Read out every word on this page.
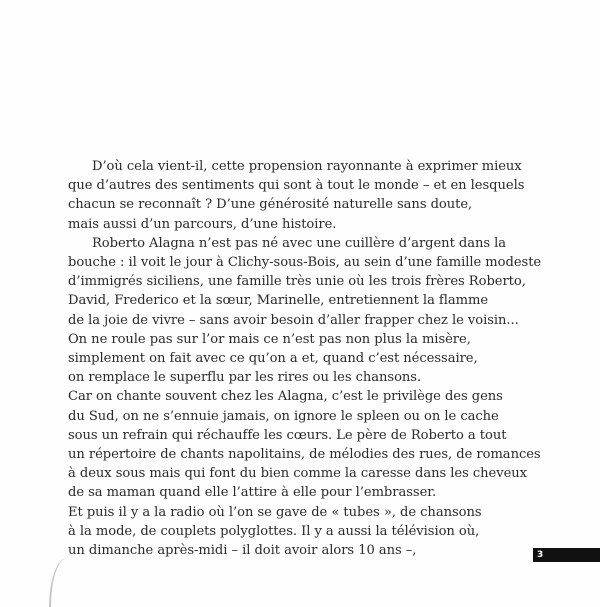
D’où cela vient-il, cette propension rayonnante à exprimer mieux
que d’autres des sentiments qui sont à tout le monde – et en lesquels
chacun se reconnaît ? D’une générosité naturelle sans doute,
mais aussi d’un parcours, d’une histoire.
Roberto Alagna n’est pas né avec une cuillère d’argent dans la
bouche : il voit le jour à Clichy-sous-Bois, au sein d’une famille modeste
d’immigrés siciliens, une famille très unie où les trois frères Roberto,
David, Frederico et la sœur, Marinelle, entretiennent la flamme
de la joie de vivre – sans avoir besoin d’aller frapper chez le voisin...
On ne roule pas sur l’or mais ce n’est pas non plus la misère,
simplement on fait avec ce qu’on a et, quand c’est nécessaire,
on remplace le superflu par les rires ou les chansons.
Car on chante souvent chez les Alagna, c’est le privilège des gens
du Sud, on ne s’ennuie jamais, on ignore le spleen ou on le cache
sous un refrain qui réchauffe les cœurs. Le père de Roberto a tout
un répertoire de chants napolitains, de mélodies des rues, de romances
à deux sous mais qui font du bien comme la caresse dans les cheveux
de sa maman quand elle l’attire à elle pour l’embrasser.
Et puis il y a la radio où l’on se gave de « tubes », de chansons
à la mode, de couplets polyglottes. Il y a aussi la télévision où,
un dimanche après-midi – il doit avoir alors 10 ans –,	3
